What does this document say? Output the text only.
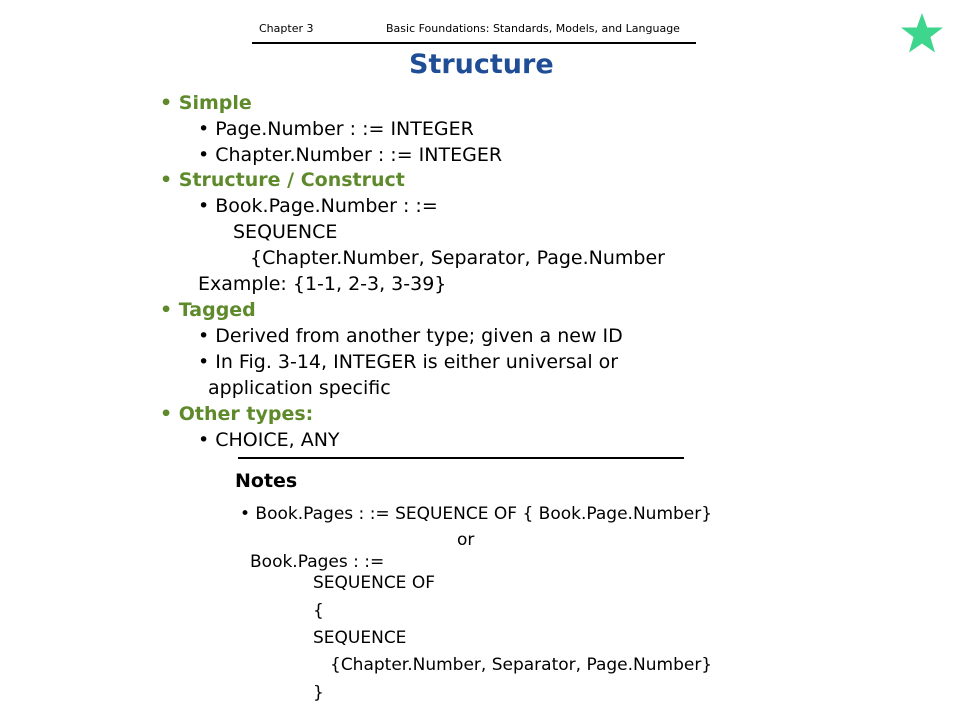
Chapter 3	Basic Foundations: Standards, Models, and Language
Structure
• Simple
• Page.Number : := INTEGER
• Chapter.Number : := INTEGER
• Structure / Construct
• Book.Page.Number : :=
SEQUENCE
{Chapter.Number, Separator, Page.Number
Example: {1-1, 2-3, 3-39}
• Tagged
• Derived from another type; given a new ID
• In Fig. 3-14, INTEGER is either universal or
application specific
• Other types:
• CHOICE, ANY
Notes
• Book.Pages : := SEQUENCE OF { Book.Page.Number}
or
Book.Pages : :=
SEQUENCE OF
{
SEQUENCE
{Chapter.Number, Separator, Page.Number}
}
